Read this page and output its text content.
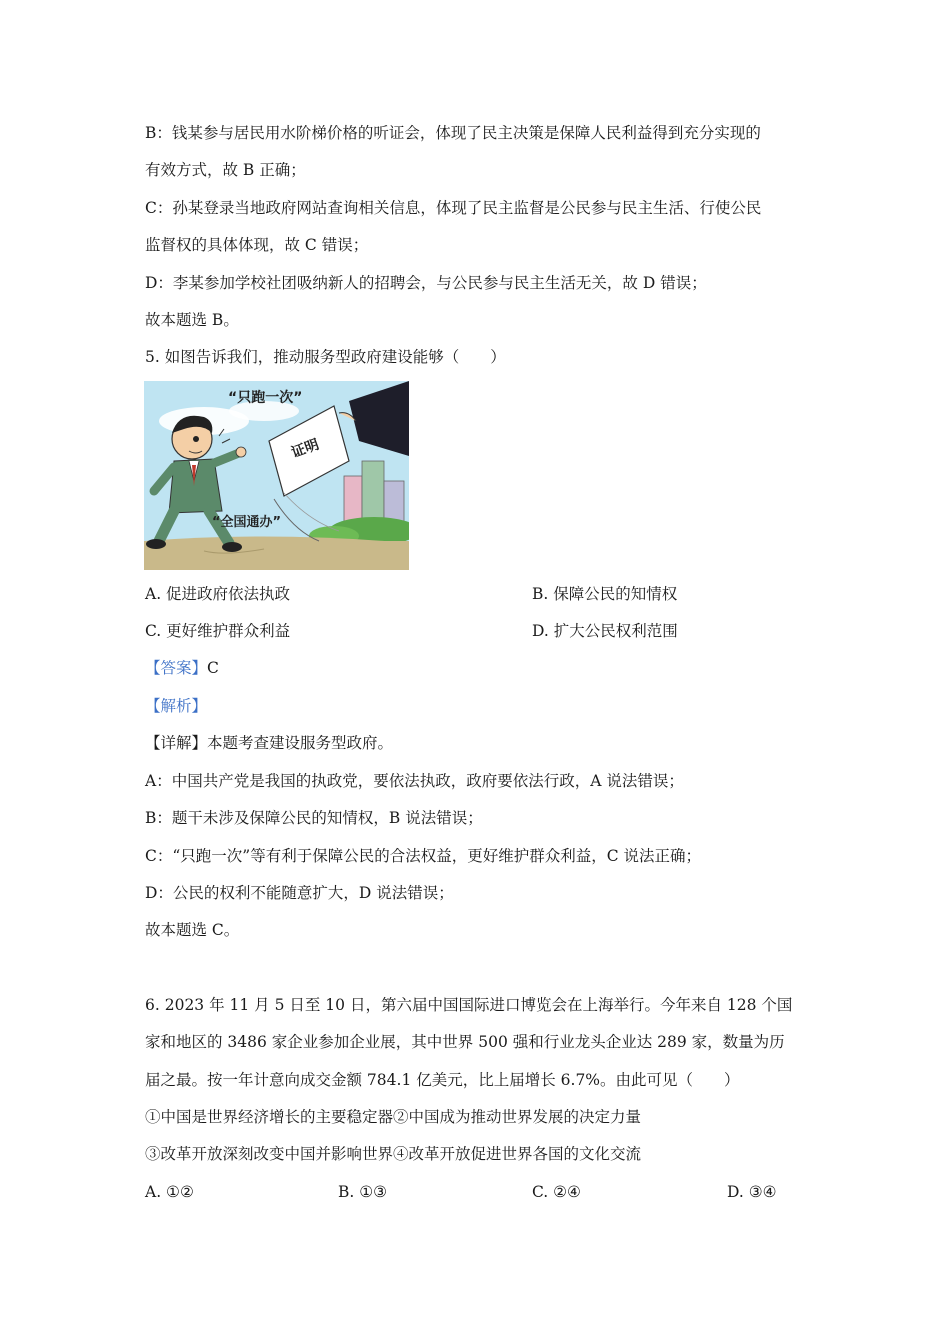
B：钱某参与居民用水阶梯价格的听证会，体现了民主决策是保障人民利益得到充分实现的
有效方式，故 B 正确；
C：孙某登录当地政府网站查询相关信息，体现了民主监督是公民参与民主生活、行使公民
监督权的具体体现，故 C 错误；
D：李某参加学校社团吸纳新人的招聘会，与公民参与民主生活无关，故 D 错误；
故本题选 B。
5. 如图告诉我们，推动服务型政府建设能够（　　）
“只跑一次”
证明
“全国通办”
A. 促进政府依法执政	B. 保障公民的知情权
C. 更好维护群众利益	D. 扩大公民权利范围
【答案】C
【解析】
【详解】本题考查建设服务型政府。
A：中国共产党是我国的执政党，要依法执政，政府要依法行政，A 说法错误；
B：题干未涉及保障公民的知情权，B 说法错误；
C：“只跑一次”等有利于保障公民的合法权益，更好维护群众利益，C 说法正确；
D：公民的权利不能随意扩大，D 说法错误；
故本题选 C。
6. 2023 年 11 月 5 日至 10 日，第六届中国国际进口博览会在上海举行。今年来自 128 个国
家和地区的 3486 家企业参加企业展，其中世界 500 强和行业龙头企业达 289 家，数量为历
届之最。按一年计意向成交金额 784.1 亿美元，比上届增长 6.7%。由此可见（　　）
①中国是世界经济增长的主要稳定器②中国成为推动世界发展的决定力量
③改革开放深刻改变中国并影响世界④改革开放促进世界各国的文化交流
A. ①②	B. ①③	C. ②④	D. ③④
